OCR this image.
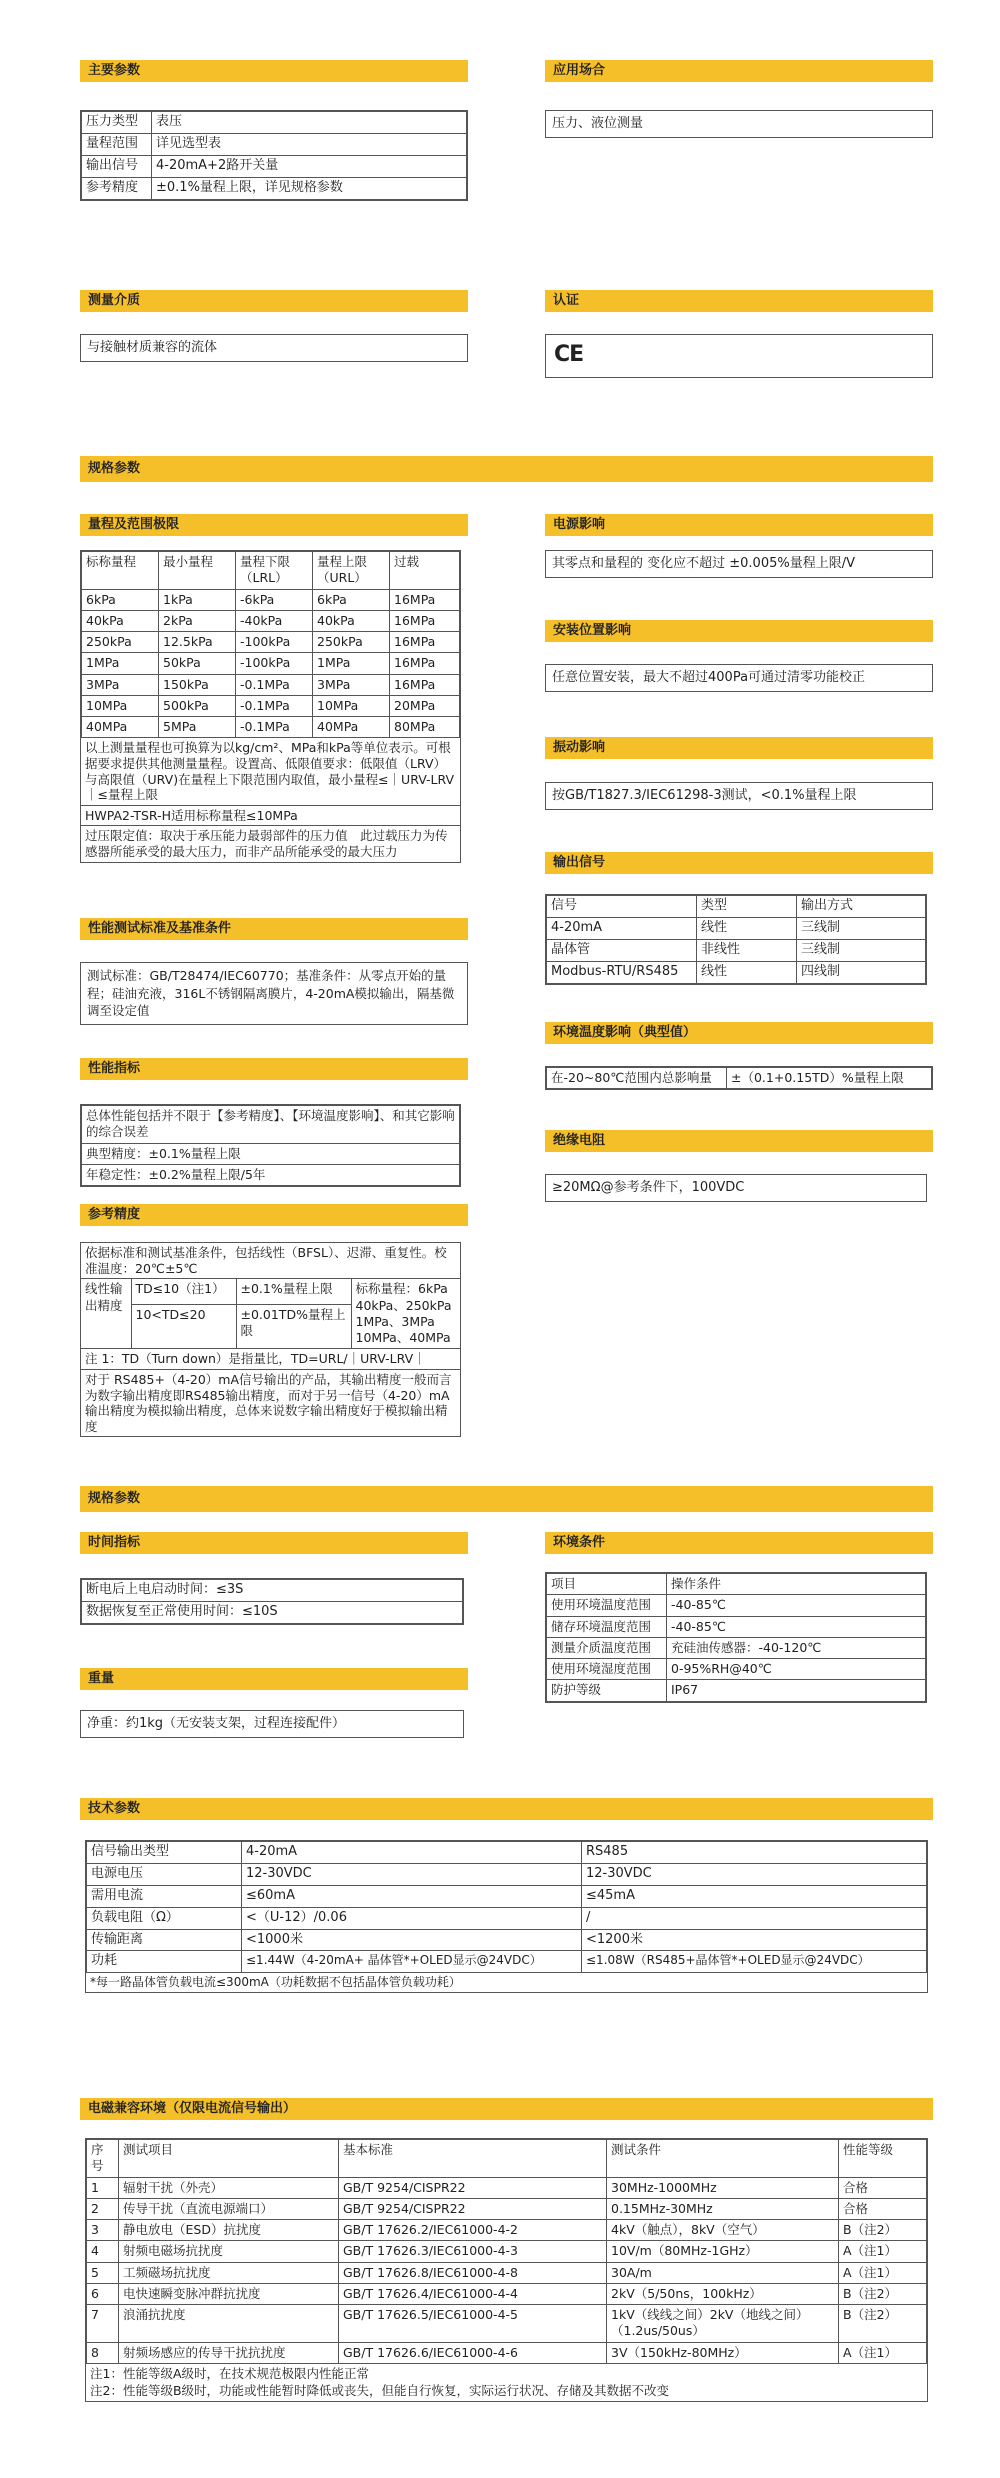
主要参数	应用场合
压力类型	表压
量程范围	详见选型表
输出信号	4-20mA+2路开关量
参考精度	±0.1%量程上限，详见规格参数
压力、液位测量
测量介质	认证
与接触材质兼容的流体	CE
规格参数
量程及范围极限
标称量程	最小量程	量程下限（LRL）	量程上限（URL）	过载
6kPa	1kPa	-6kPa	6kPa	16MPa
40kPa	2kPa	-40kPa	40kPa	16MPa
250kPa	12.5kPa	-100kPa	250kPa	16MPa
1MPa	50kPa	-100kPa	1MPa	16MPa
3MPa	150kPa	-0.1MPa	3MPa	16MPa
10MPa	500kPa	-0.1MPa	10MPa	20MPa
40MPa	5MPa	-0.1MPa	40MPa	80MPa
以上测量量程也可换算为以kg/cm²、MPa和kPa等单位表示。可根据要求提供其他测量量程。设置高、低限值要求：低限值（LRV）与高限值（URV)在量程上下限范围内取值，最小量程≤｜URV-LRV｜≤量程上限
HWPA2-TSR-H适用标称量程≤10MPa
过压限定值：取决于承压能力最弱部件的压力值　此过载压力为传感器所能承受的最大压力，而非产品所能承受的最大压力
电源影响
其零点和量程的 变化应不超过 ±0.005%量程上限/V
安装位置影响
任意位置安装，最大不超过400Pa可通过清零功能校正
振动影响
按GB/T1827.3/IEC61298-3测试，<0.1%量程上限
输出信号
信号	类型	输出方式
4-20mA	线性	三线制
晶体管	非线性	三线制
Modbus-RTU/RS485	线性	四线制
性能测试标准及基准条件
测试标准：GB/T28474/IEC60770；基准条件：从零点开始的量程；硅油充液，316L不锈钢隔离膜片，4-20mA模拟输出，隔基微调至设定值
环境温度影响（典型值）
在-20~80℃范围内总影响量	±（0.1+0.15TD）%量程上限
性能指标
总体性能包括并不限于【参考精度】、【环境温度影响】、和其它影响的综合误差
典型精度：±0.1%量程上限
年稳定性：±0.2%量程上限/5年
绝缘电阻
≥20MΩ@参考条件下，100VDC
参考精度
依据标准和测试基准条件，包括线性（BFSL）、迟滞、重复性。校准温度：20℃±5℃
线性输出精度	TD≤10（注1）	±0.1%量程上限	标称量程：6kPa 40kPa、250kPa 1MPa、3MPa 10MPa、40MPa
	10<TD≤20	±0.01TD%量程上限	
注 1：TD（Turn down）是指量比，TD=URL/｜URV-LRV｜
对于 RS485+（4-20）mA信号输出的产品，其输出精度一般而言为数字输出精度即RS485输出精度，而对于另一信号（4-20）mA输出精度为模拟输出精度，总体来说数字输出精度好于模拟输出精度
规格参数
时间指标
断电后上电启动时间：≤3S
数据恢复至正常使用时间：≤10S
环境条件
项目	操作条件
使用环境温度范围	-40-85℃
储存环境温度范围	-40-85℃
测量介质温度范围	充硅油传感器：-40-120℃
使用环境湿度范围	0-95%RH@40℃
防护等级	IP67
重量
净重：约1kg（无安装支架，过程连接配件）
技术参数
信号输出类型	4-20mA	RS485
电源电压	12-30VDC	12-30VDC
需用电流	≤60mA	≤45mA
负载电阻（Ω）	<（U-12）/0.06	/
传输距离	<1000米	<1200米
功耗	≤1.44W（4-20mA+ 晶体管*+OLED显示@24VDC）	≤1.08W（RS485+晶体管*+OLED显示@24VDC）
*每一路晶体管负载电流≤300mA（功耗数据不包括晶体管负载功耗）
电磁兼容环境（仅限电流信号输出）
序号	测试项目	基本标准	测试条件	性能等级
1	辐射干扰（外壳）	GB/T 9254/CISPR22	30MHz-1000MHz	合格
2	传导干扰（直流电源端口）	GB/T 9254/CISPR22	0.15MHz-30MHz	合格
3	静电放电（ESD）抗扰度	GB/T 17626.2/IEC61000-4-2	4kV（触点），8kV（空气）	B（注2）
4	射频电磁场抗扰度	GB/T 17626.3/IEC61000-4-3	10V/m（80MHz-1GHz）	A（注1）
5	工频磁场抗扰度	GB/T 17626.8/IEC61000-4-8	30A/m	A（注1）
6	电快速瞬变脉冲群抗扰度	GB/T 17626.4/IEC61000-4-4	2kV（5/50ns，100kHz）	B（注2）
7	浪涌抗扰度	GB/T 17626.5/IEC61000-4-5	1kV（线线之间）2kV（地线之间）（1.2us/50us）	B（注2）
8	射频场感应的传导干扰抗扰度	GB/T 17626.6/IEC61000-4-6	3V（150kHz-80MHz）	A（注1）
注1：性能等级A级时，在技术规范极限内性能正常
注2：性能等级B级时，功能或性能暂时降低或丧失，但能自行恢复，实际运行状况、存储及其数据不改变
